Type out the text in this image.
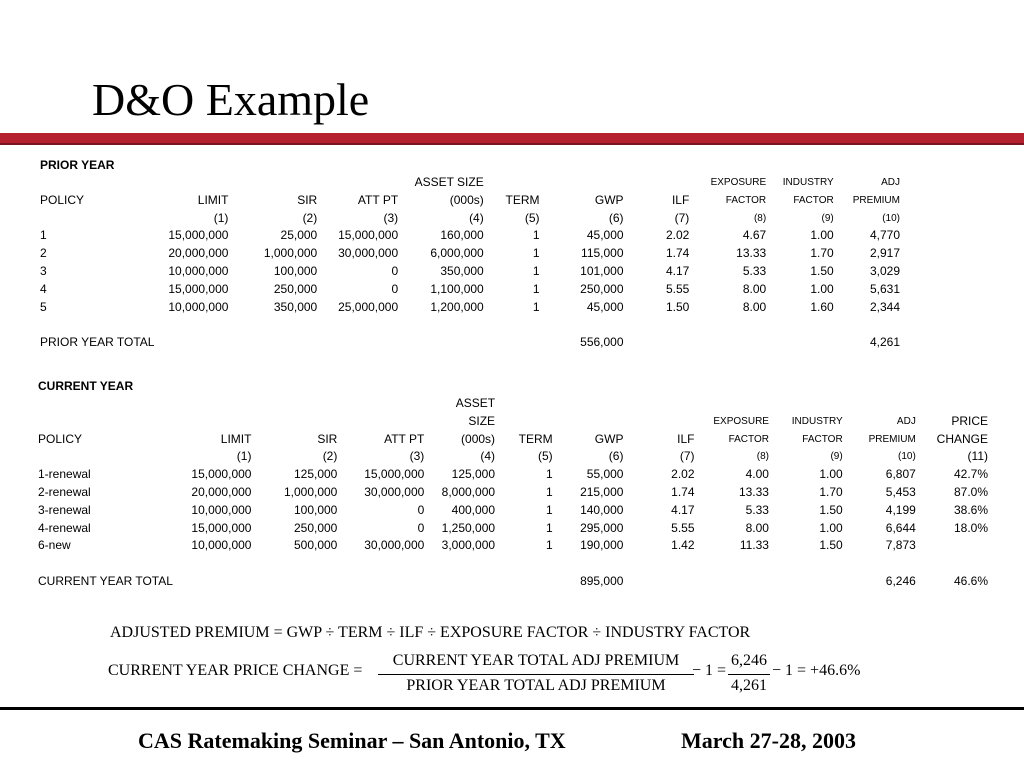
D&O Example
PRIOR YEAR
				ASSET SIZE				EXPOSURE	INDUSTRY	ADJ
POLICY	LIMIT	SIR	ATT PT	(000s)	TERM	GWP	ILF	FACTOR	FACTOR	PREMIUM
	(1)	(2)	(3)	(4)	(5)	(6)	(7)	(8)	(9)	(10)
1	15,000,000	25,000	15,000,000	160,000	1	45,000	2.02	4.67	1.00	4,770
2	20,000,000	1,000,000	30,000,000	6,000,000	1	115,000	1.74	13.33	1.70	2,917
3	10,000,000	100,000	0	350,000	1	101,000	4.17	5.33	1.50	3,029
4	15,000,000	250,000	0	1,100,000	1	250,000	5.55	8.00	1.00	5,631
5	10,000,000	350,000	25,000,000	1,200,000	1	45,000	1.50	8.00	1.60	2,344

PRIOR YEAR TOTAL						556,000				4,261
CURRENT YEAR
				ASSET							
				SIZE				EXPOSURE	INDUSTRY	ADJ	PRICE
POLICY	LIMIT	SIR	ATT PT	(000s)	TERM	GWP	ILF	FACTOR	FACTOR	PREMIUM	CHANGE
	(1)	(2)	(3)	(4)	(5)	(6)	(7)	(8)	(9)	(10)	(11)
1-renewal	15,000,000	125,000	15,000,000	125,000	1	55,000	2.02	4.00	1.00	6,807	42.7%
2-renewal	20,000,000	1,000,000	30,000,000	8,000,000	1	215,000	1.74	13.33	1.70	5,453	87.0%
3-renewal	10,000,000	100,000	0	400,000	1	140,000	4.17	5.33	1.50	4,199	38.6%
4-renewal	15,000,000	250,000	0	1,250,000	1	295,000	5.55	8.00	1.00	6,644	18.0%
6-new	10,000,000	500,000	30,000,000	3,000,000	1	190,000	1.42	11.33	1.50	7,873	

CURRENT YEAR TOTAL						895,000				6,246	46.6%
ADJUSTED PREMIUM = GWP ÷ TERM ÷ ILF ÷ EXPOSURE FACTOR ÷ INDUSTRY FACTOR
CURRENT YEAR PRICE CHANGE =
CURRENT YEAR TOTAL ADJ PREMIUM
PRIOR YEAR TOTAL ADJ PREMIUM
− 1 =
6,246
4,261
− 1 = +46.6%
CAS Ratemaking Seminar – San Antonio, TX	March 27-28, 2003
